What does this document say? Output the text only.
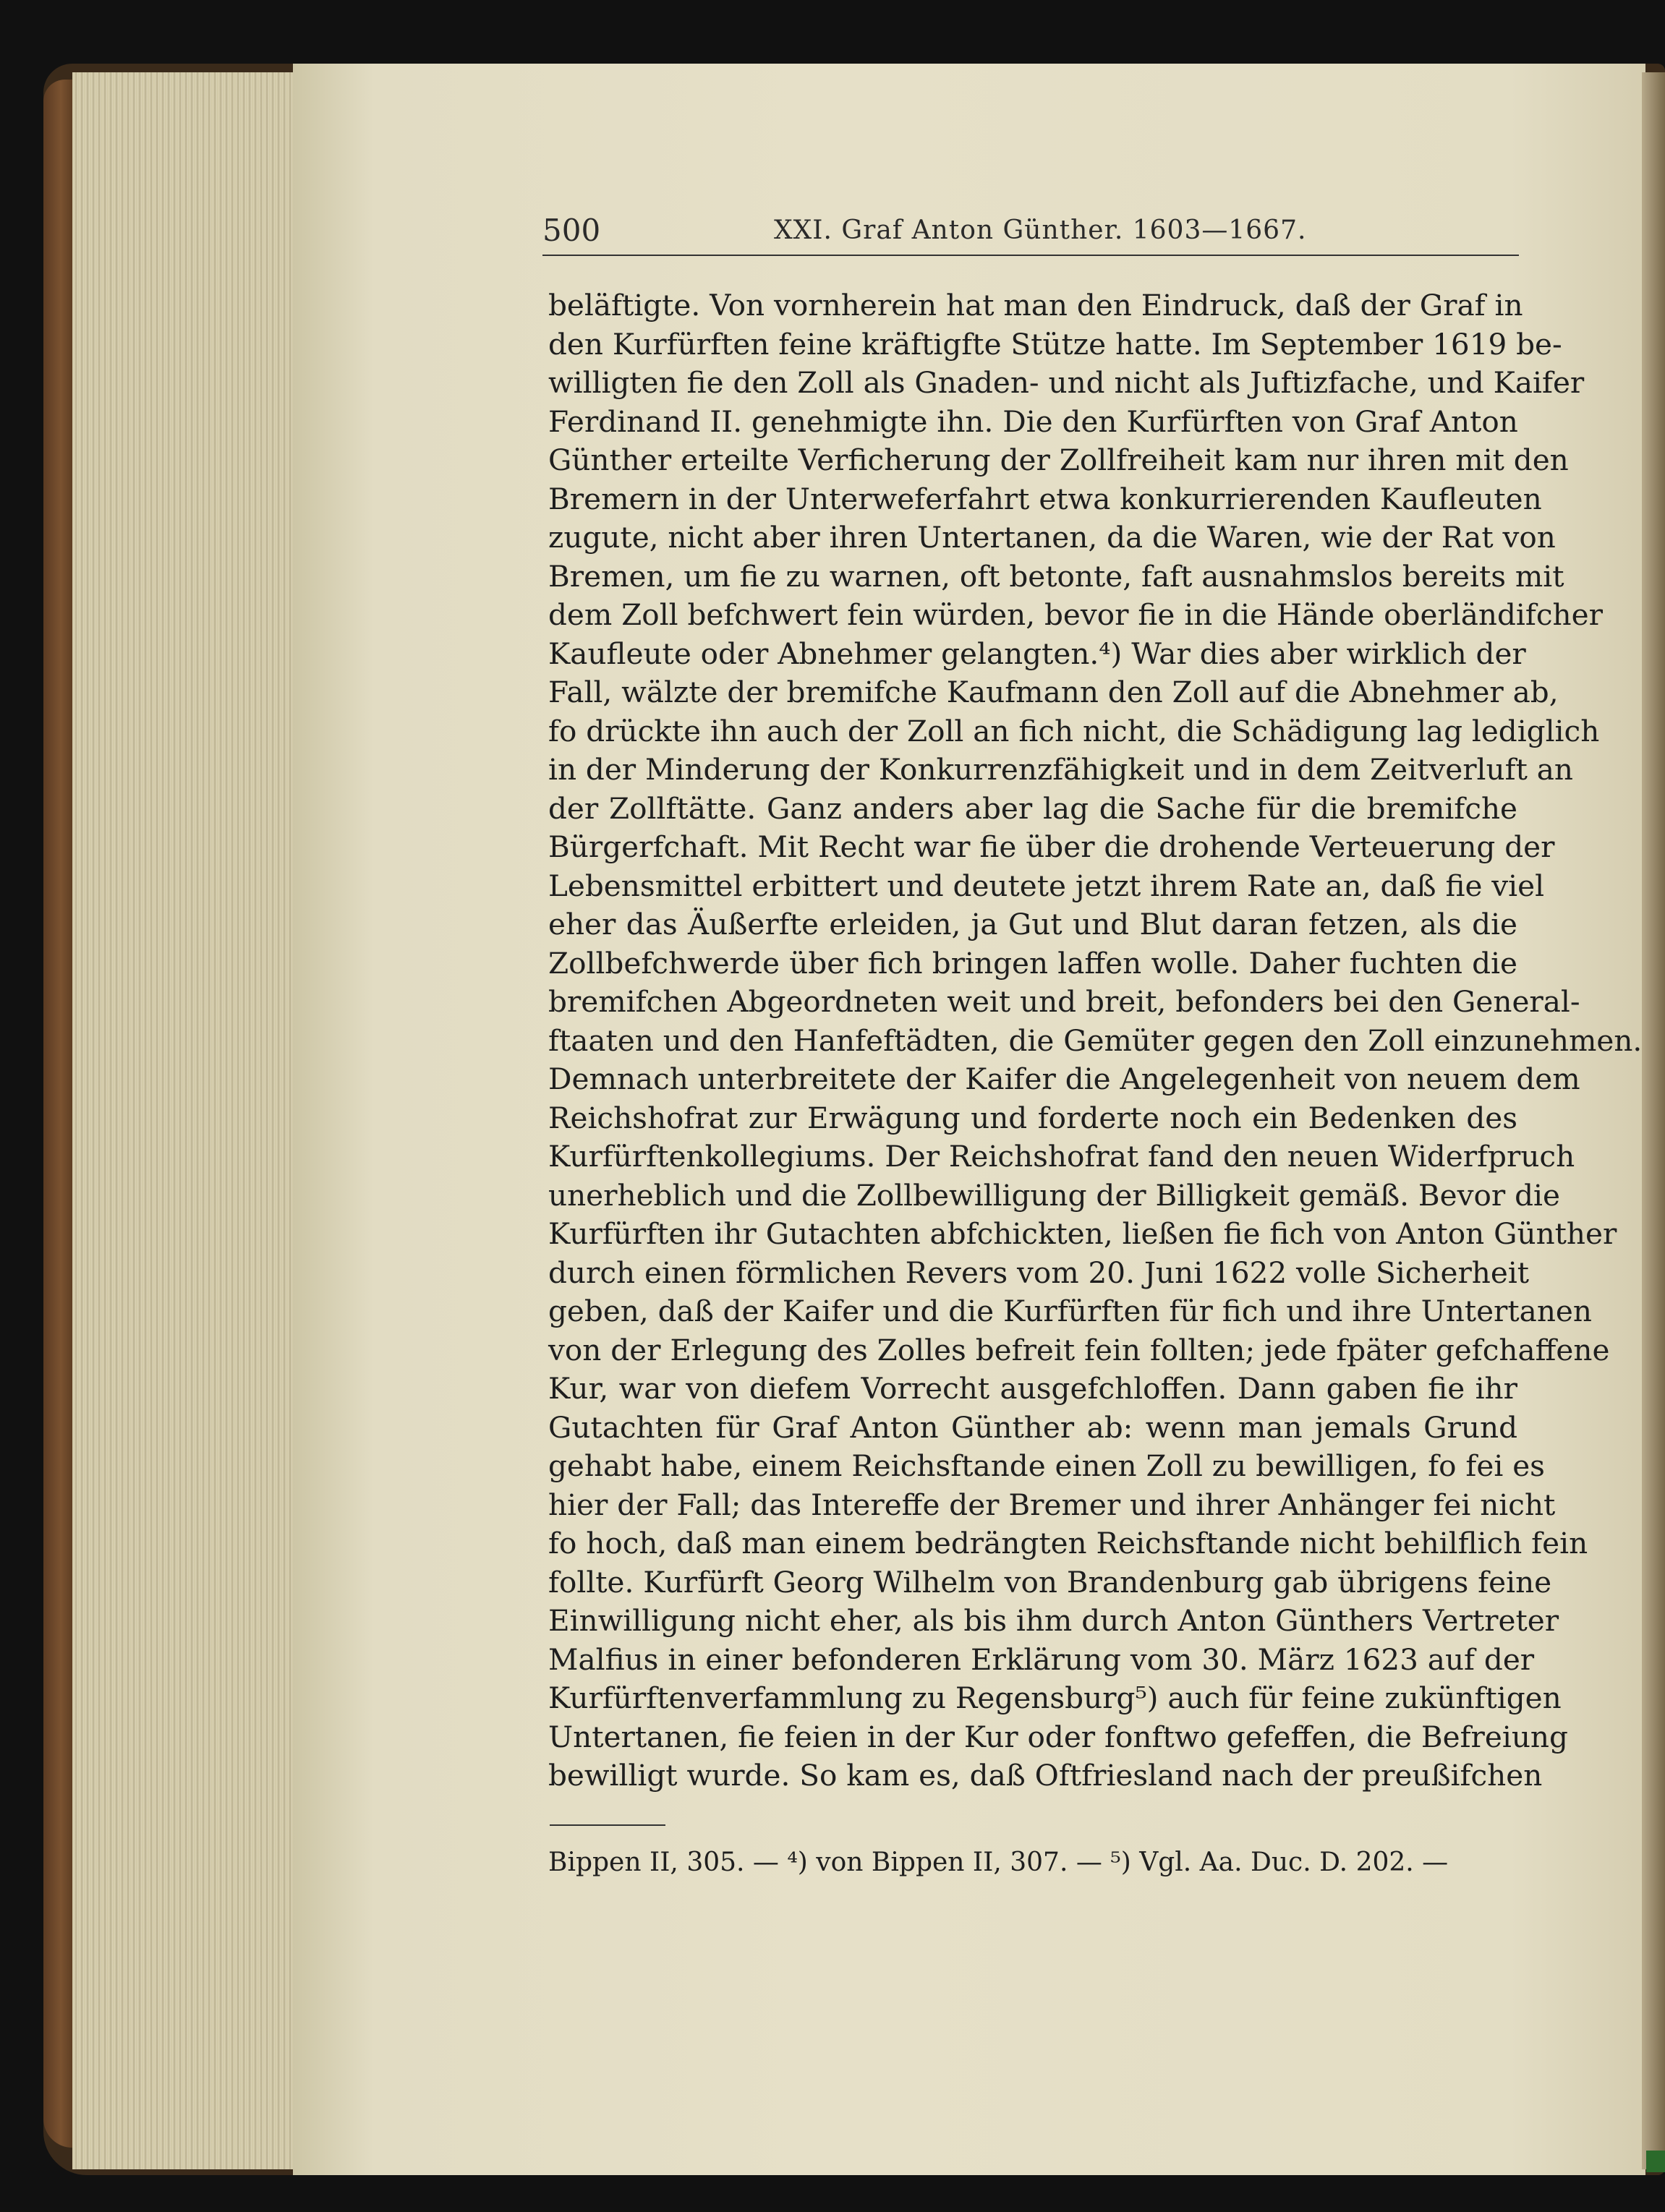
500	XXI. Graf Anton Günther. 1603—1667.
beläftigte. Von vornherein hat man den Eindruck, daß der Graf in
den Kurfürften feine kräftigfte Stütze hatte. Im September 1619 be-
willigten fie den Zoll als Gnaden- und nicht als Juftizfache, und Kaifer
Ferdinand II. genehmigte ihn. Die den Kurfürften von Graf Anton
Günther erteilte Verficherung der Zollfreiheit kam nur ihren mit den
Bremern in der Unterweferfahrt etwa konkurrierenden Kaufleuten
zugute, nicht aber ihren Untertanen, da die Waren, wie der Rat von
Bremen, um fie zu warnen, oft betonte, faft ausnahmslos bereits mit
dem Zoll befchwert fein würden, bevor fie in die Hände oberländifcher
Kaufleute oder Abnehmer gelangten.⁴) War dies aber wirklich der
Fall, wälzte der bremifche Kaufmann den Zoll auf die Abnehmer ab,
fo drückte ihn auch der Zoll an fich nicht, die Schädigung lag lediglich
in der Minderung der Konkurrenzfähigkeit und in dem Zeitverluft an
der Zollftätte. Ganz anders aber lag die Sache für die bremifche
Bürgerfchaft. Mit Recht war fie über die drohende Verteuerung der
Lebensmittel erbittert und deutete jetzt ihrem Rate an, daß fie viel
eher das Äußerfte erleiden, ja Gut und Blut daran fetzen, als die
Zollbefchwerde über fich bringen laffen wolle. Daher fuchten die
bremifchen Abgeordneten weit und breit, befonders bei den General-
ftaaten und den Hanfeftädten, die Gemüter gegen den Zoll einzunehmen.
Demnach unterbreitete der Kaifer die Angelegenheit von neuem dem
Reichshofrat zur Erwägung und forderte noch ein Bedenken des
Kurfürftenkollegiums. Der Reichshofrat fand den neuen Widerfpruch
unerheblich und die Zollbewilligung der Billigkeit gemäß. Bevor die
Kurfürften ihr Gutachten abfchickten, ließen fie fich von Anton Günther
durch einen förmlichen Revers vom 20. Juni 1622 volle Sicherheit
geben, daß der Kaifer und die Kurfürften für fich und ihre Untertanen
von der Erlegung des Zolles befreit fein follten; jede fpäter gefchaffene
Kur, war von diefem Vorrecht ausgefchloffen. Dann gaben fie ihr
Gutachten für Graf Anton Günther ab: wenn man jemals Grund
gehabt habe, einem Reichsftande einen Zoll zu bewilligen, fo fei es
hier der Fall; das Intereffe der Bremer und ihrer Anhänger fei nicht
fo hoch, daß man einem bedrängten Reichsftande nicht behilflich fein
follte. Kurfürft Georg Wilhelm von Brandenburg gab übrigens feine
Einwilligung nicht eher, als bis ihm durch Anton Günthers Vertreter
Malfius in einer befonderen Erklärung vom 30. März 1623 auf der
Kurfürftenverfammlung zu Regensburg⁵) auch für feine zukünftigen
Untertanen, fie feien in der Kur oder fonftwo gefeffen, die Befreiung
bewilligt wurde. So kam es, daß Oftfriesland nach der preußifchen
Bippen II, 305. — ⁴) von Bippen II, 307. — ⁵) Vgl. Aa. Duc. D. 202. —
